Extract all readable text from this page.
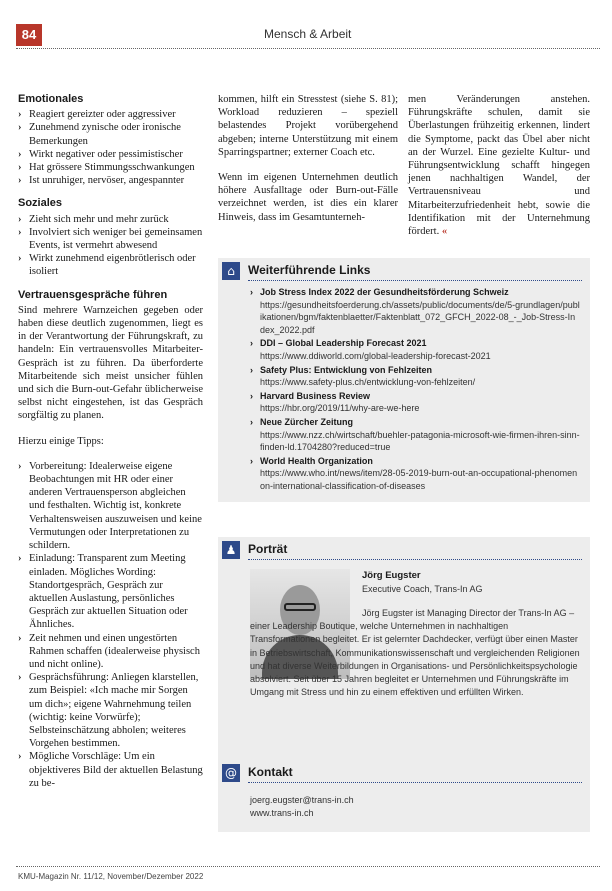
84	Mensch & Arbeit
Emotionales
› Reagiert gereizter oder aggressiver
› Zunehmend zynische oder ironische Bemerkungen
› Wirkt negativer oder pessimistischer
› Hat grössere Stimmungsschwankungen
› Ist unruhiger, nervöser, angespannter
Soziales
› Zieht sich mehr und mehr zurück
› Involviert sich weniger bei gemeinsamen Events, ist vermehrt abwesend
› Wirkt zunehmend eigenbrötlerisch oder isoliert
Vertrauensgespräche führen

Sind mehrere Warnzeichen gegeben oder haben diese deutlich zugenommen, liegt es in der Verantwortung der Führungskraft, zu handeln: Ein vertrauensvolles Mitarbeiter-Gespräch ist zu führen. Da überforderte Mitarbeitende sich meist unsicher fühlen und sich die Burn-out-Gefahr üblicherweise selbst nicht eingestehen, ist das Gespräch sorgfältig zu planen.

Hierzu einige Tipps:

› Vorbereitung: Idealerweise eigene Beobachtungen mit HR oder einer anderen Vertrauensperson abgleichen und festhalten. Wichtig ist, konkrete Verhaltensweisen auszuweisen und keine Vermutungen oder Interpretationen zu schildern.
› Einladung: Transparent zum Meeting einladen. Mögliches Wording: Standortgespräch, Gespräch zur aktuellen Auslastung, persönliches Gespräch zur aktuellen Situation oder Ähnliches.
› Zeit nehmen und einen ungestörten Rahmen schaffen (idealerweise physisch und nicht online).
› Gesprächsführung: Anliegen klarstellen, zum Beispiel: «Ich mache mir Sorgen um dich»; eigene Wahrnehmung teilen (wichtig: keine Vorwürfe); Selbsteinschätzung abholen; weiteres Vorgehen bestimmen.
› Mögliche Vorschläge: Um ein objektiveres Bild der aktuellen Belastung zu be-

kommen, hilft ein Stresstest (siehe S. 81); Workload reduzieren – speziell belastendes Projekt vorübergehend abgeben; interne Unterstützung mit einem Sparringspartner; externer Coach etc.

Wenn im eigenen Unternehmen deutlich höhere Ausfalltage oder Burn-out-Fälle verzeichnet werden, ist dies ein klarer Hinweis, dass im Gesamtunterneh-

men Veränderungen anstehen. Führungskräfte schulen, damit sie Überlastungen frühzeitig erkennen, lindert die Symptome, packt das Übel aber nicht an der Wurzel. Eine gezielte Kultur- und Führungsentwicklung schafft hingegen jenen nachhaltigen Wandel, der Vertrauensniveau und Mitarbeiterzufriedenheit hebt, sowie die Identifikation mit der Unternehmung fördert. «

⌂	Weiterführende Links
› Job Stress Index 2022 der Gesundheitsförderung Schweiz
https://gesundheitsfoerderung.ch/assets/public/documents/de/5-grundlagen/publikationen/bgm/faktenblaetter/Faktenblatt_072_GFCH_2022-08_-_Job-Stress-Index_2022.pdf
› DDI – Global Leadership Forecast 2021
https://www.ddiworld.com/global-leadership-forecast-2021
› Safety Plus: Entwicklung von Fehlzeiten
https://www.safety-plus.ch/entwicklung-von-fehlzeiten/
› Harvard Business Review
https://hbr.org/2019/11/why-are-we-here
› Neue Zürcher Zeitung
https://www.nzz.ch/wirtschaft/buehler-patagonia-microsoft-wie-firmen-ihren-sinn-finden-ld.1704280?reduced=true
› World Health Organization
https://www.who.int/news/item/28-05-2019-burn-out-an-occupational-phenomenon-international-classification-of-diseases
♟ Porträt
Jörg Eugster
Executive Coach, Trans-In AG

Jörg Eugster ist Managing Director der Trans-In AG – einer Leadership Boutique, welche Unternehmen in nachhaltigen Transformationen begleitet. Er ist gelernter Dachdecker, verfügt über einen Master in Betriebswirtschaft, Kommunikationswissenschaft und vergleichenden Religionen und hat diverse Weiterbildungen in Organisations- und Persönlichkeitspsychologie absolviert. Seit über 15 Jahren begleitet er Unternehmen und Führungskräfte im Umgang mit Stress und hin zu einem effektiven und erfüllten Wirken.

@ Kontakt
joerg.eugster@trans-in.ch
www.trans-in.ch
KMU-Magazin Nr. 11/12, November/Dezember 2022
